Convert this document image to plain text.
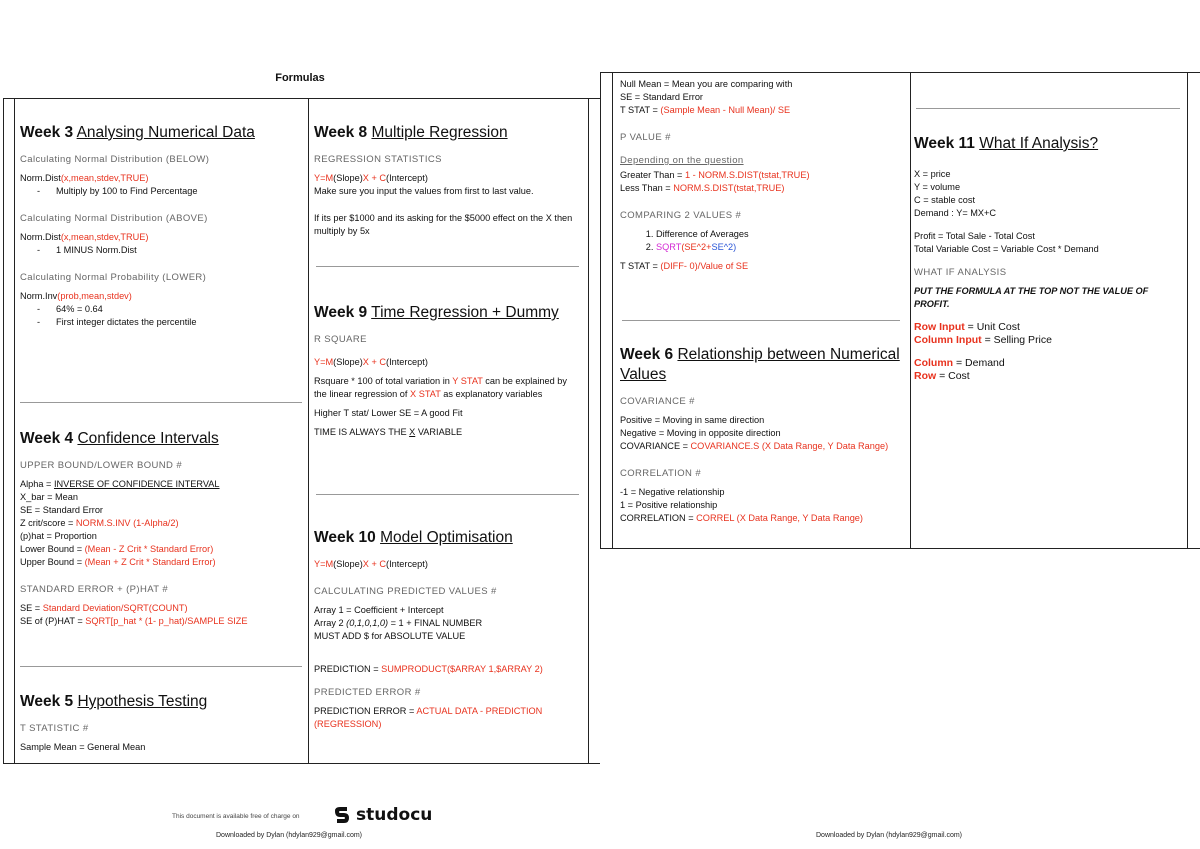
Formulas

Week 3 Analysing Numerical Data

Calculating Normal Distribution (BELOW)

Norm.Dist(x,mean,stdev,TRUE)

- Multiply by 100 to Find Percentage

Calculating Normal Distribution (ABOVE)

Norm.Dist(x,mean,stdev,TRUE)

- 1 MINUS Norm.Dist

Calculating Normal Probability (LOWER)

Norm.Inv(prob,mean,stdev)

- 64% = 0.64
- First integer dictates the percentile

Week 4 Confidence Intervals

UPPER BOUND/LOWER BOUND #

Alpha = INVERSE OF CONFIDENCE INTERVAL

X_bar = Mean

SE = Standard Error

Z crit/score = NORM.S.INV (1-Alpha/2)

(p)hat = Proportion

Lower Bound = (Mean - Z Crit * Standard Error)

Upper Bound = (Mean + Z Crit * Standard Error)

STANDARD ERROR + (P)HAT #

SE = Standard Deviation/SQRT(COUNT)

SE of (P)HAT = SQRT[p_hat * (1- p_hat)/SAMPLE SIZE

Week 5 Hypothesis Testing

T STATISTIC #

Sample Mean = General Mean

Week 8 Multiple Regression

REGRESSION STATISTICS

Y=M(Slope)X + C(Intercept)

Make sure you input the values from first to last value.

If its per $1000 and its asking for the $5000 effect on the X then multiply by 5x

Week 9 Time Regression + Dummy

R SQUARE

Y=M(Slope)X + C(Intercept)

Rsquare * 100 of total variation in Y STAT can be explained by the linear regression of X STAT as explanatory variables

Higher T stat/ Lower SE = A good Fit

TIME IS ALWAYS THE X VARIABLE

Week 10 Model Optimisation

Y=M(Slope)X + C(Intercept)

CALCULATING PREDICTED VALUES #

Array 1 = Coefficient + Intercept

Array 2 (0,1,0,1,0) = 1 + FINAL NUMBER

MUST ADD $ for ABSOLUTE VALUE

PREDICTION = SUMPRODUCT($ARRAY 1,$ARRAY 2)

PREDICTED ERROR #

PREDICTION ERROR = ACTUAL DATA - PREDICTION (REGRESSION)

Null Mean = Mean you are comparing with

SE = Standard Error

T STAT = (Sample Mean - Null Mean)/ SE

P VALUE #

Depending on the question

Greater Than = 1 - NORM.S.DIST(tstat,TRUE)

Less Than = NORM.S.DIST(tstat,TRUE)

COMPARING 2 VALUES #

1. Difference of Averages
2. SQRT(SE^2+SE^2)

T STAT = (DIFF- 0)/Value of SE

Week 6 Relationship between Numerical Values

COVARIANCE #

Positive = Moving in same direction

Negative = Moving in opposite direction

COVARIANCE = COVARIANCE.S (X Data Range, Y Data Range)

CORRELATION #

-1 = Negative relationship

1 = Positive relationship

CORRELATION = CORREL (X Data Range, Y Data Range)

Week 11 What If Analysis?

X = price

Y = volume

C = stable cost

Demand : Y= MX+C

Profit = Total Sale - Total Cost

Total Variable Cost = Variable Cost * Demand

WHAT IF ANALYSIS

PUT THE FORMULA AT THE TOP NOT THE VALUE OF PROFIT.

Row Input = Unit Cost

Column Input = Selling Price

Column = Demand

Row = Cost

This document is available free of charge on	studocu
Downloaded by Dylan (hdylan929@gmail.com)	Downloaded by Dylan (hdylan929@gmail.com)
